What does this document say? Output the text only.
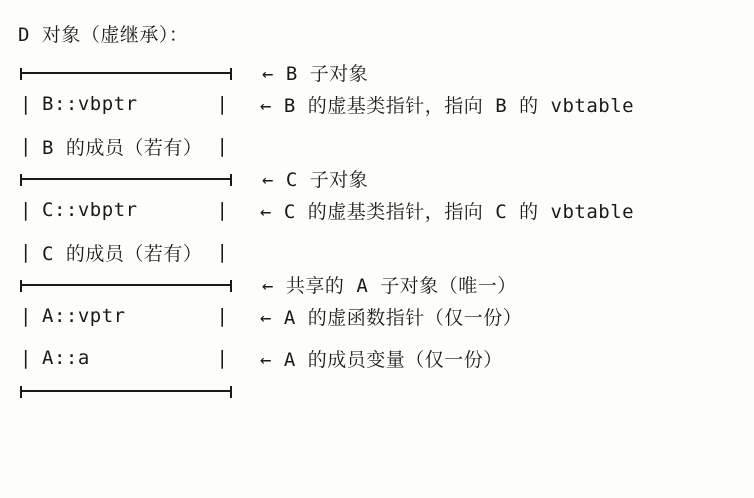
D 对象（虚继承）：
← B 子对象
| B::vbptr	| ← B 的虚基类指针，指向 B 的 vbtable
| B 的成员（若有） |
← C 子对象
| C::vbptr	| ← C 的虚基类指针，指向 C 的 vbtable
| C 的成员（若有） |
← 共享的 A 子对象（唯一）
| A::vptr	| ← A 的虚函数指针（仅一份）
| A::a	| ← A 的成员变量（仅一份）
